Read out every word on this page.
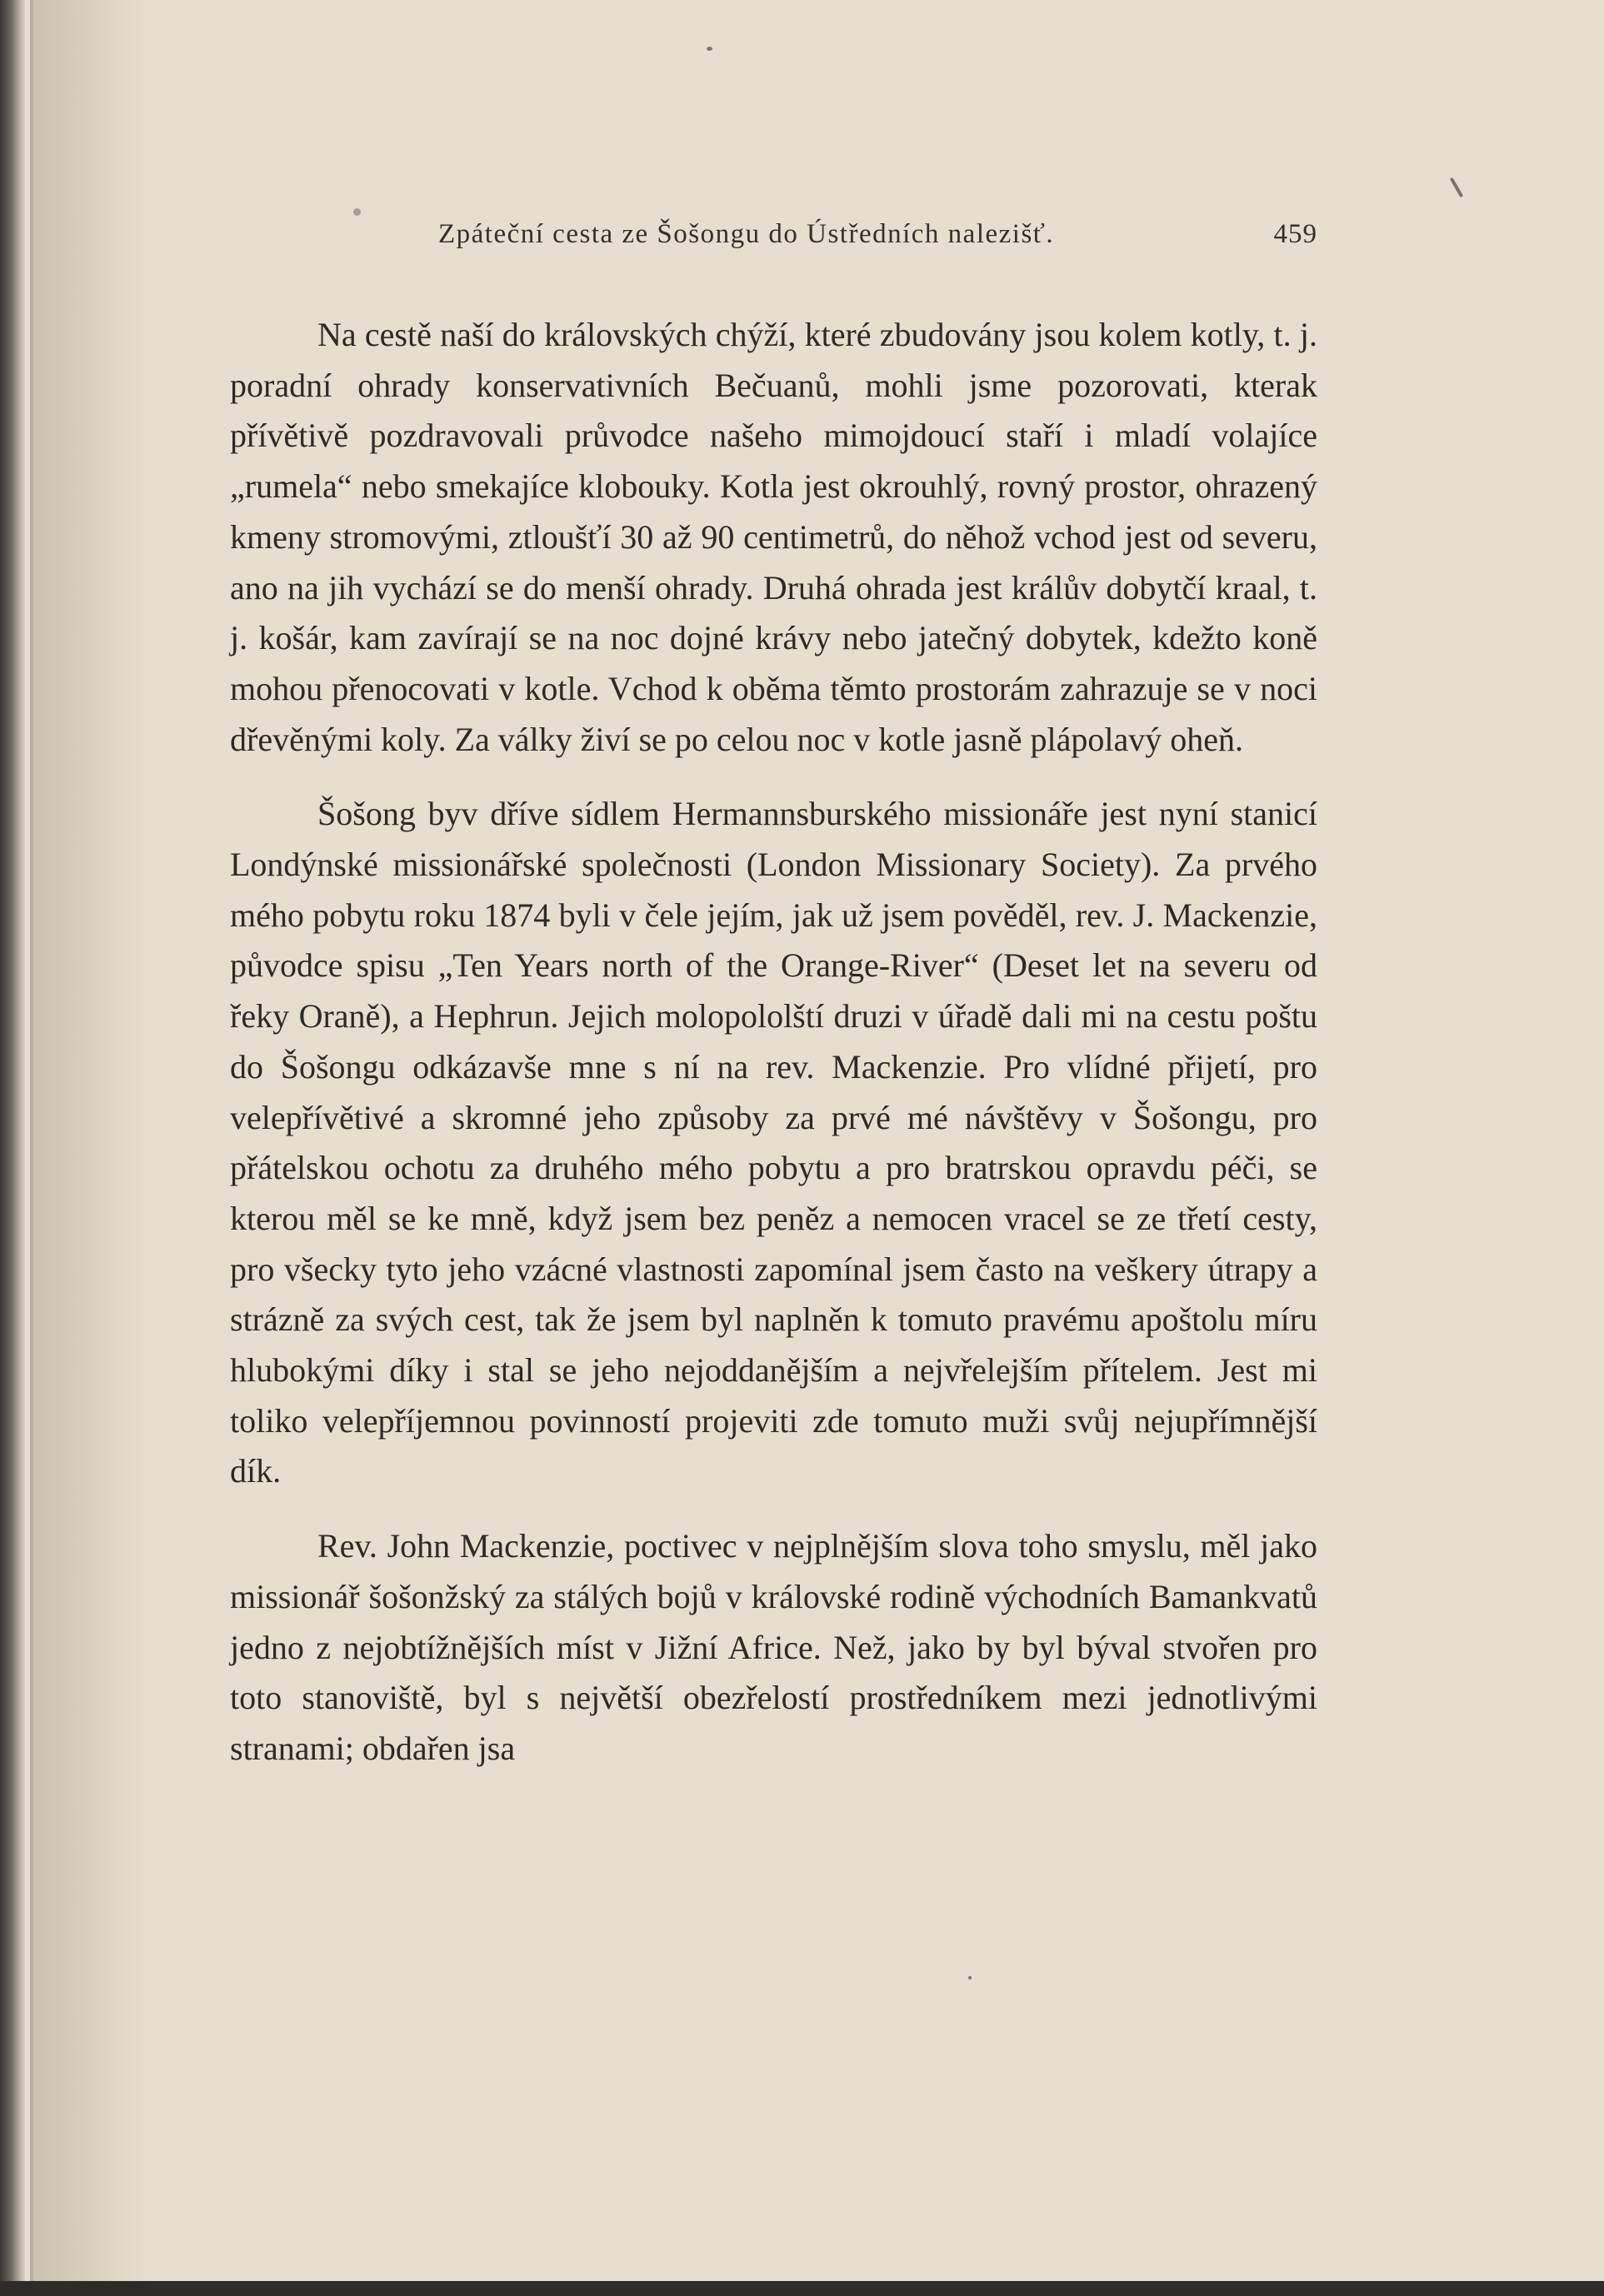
Zpáteční cesta ze Šošongu do Ústředních nalezišť.	459

Na cestě naší do královských chýží, které zbudovány jsou kolem kotly, t. j. poradní ohrady konservativních Bečuanů, mohli jsme pozorovati, kterak přívětivě pozdravovali průvodce našeho mimojdoucí staří i mladí volajíce „rumela“ nebo smekajíce klobouky. Kotla jest okrouhlý, rovný prostor, ohrazený kmeny stromovými, ztloušťí 30 až 90 centimetrů, do něhož vchod jest od severu, ano na jih vychází se do menší ohrady. Druhá ohrada jest králův dobytčí kraal, t. j. košár, kam zavírají se na noc dojné krávy nebo jatečný dobytek, kdežto koně mohou přenocovati v kotle. Vchod k oběma těmto prostorám zahrazuje se v noci dřevěnými koly. Za války živí se po celou noc v kotle jasně plápolavý oheň.

Šošong byv dříve sídlem Hermannsburského missionáře jest nyní stanicí Londýnské missionářské společnosti (London Missionary Society). Za prvého mého pobytu roku 1874 byli v čele jejím, jak už jsem pověděl, rev. J. Mackenzie, původce spisu „Ten Years north of the Orange-River“ (Deset let na severu od řeky Oraně), a Hephrun. Jejich molopololští druzi v úřadě dali mi na cestu poštu do Šošongu odkázavše mne s ní na rev. Mackenzie. Pro vlídné přijetí, pro velepřívětivé a skromné jeho způsoby za prvé mé návštěvy v Šošongu, pro přátelskou ochotu za druhého mého pobytu a pro bratrskou opravdu péči, se kterou měl se ke mně, když jsem bez peněz a nemocen vracel se ze třetí cesty, pro všecky tyto jeho vzácné vlastnosti zapomínal jsem často na veškery útrapy a strázně za svých cest, tak že jsem byl naplněn k tomuto pravému apoštolu míru hlubokými díky i stal se jeho nejoddanějším a nejvřelejším přítelem. Jest mi toliko velepříjemnou povinností projeviti zde tomuto muži svůj nejupřímnější dík.

Rev. John Mackenzie, poctivec v nejplnějším slova toho smyslu, měl jako missionář šošonžský za stálých bojů v královské rodině východních Bamankvatů jedno z nejobtížnějších míst v Jižní Africe. Než, jako by byl býval stvořen pro toto stanoviště, byl s největší obezřelostí prostředníkem mezi jednotlivými stranami; obdařen jsa
